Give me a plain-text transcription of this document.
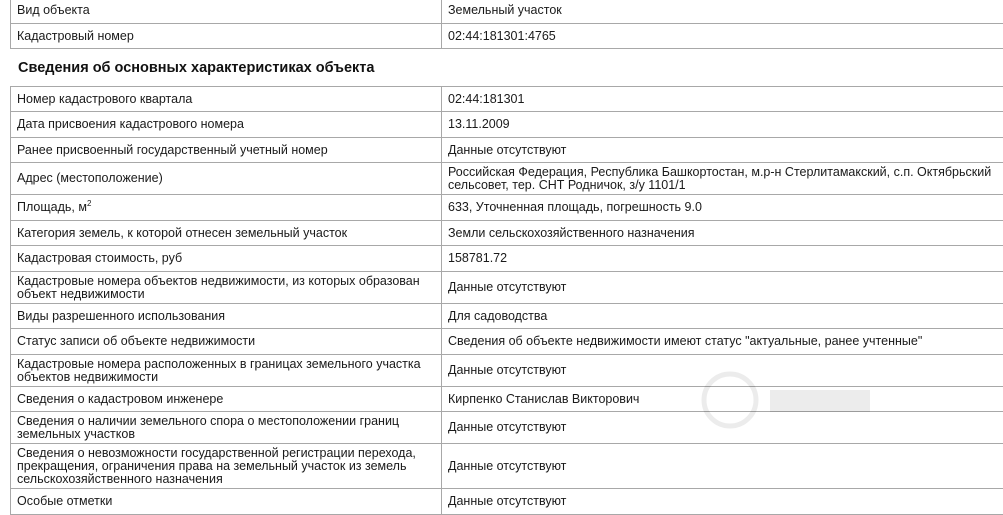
Вид объекта	Земельный участок
Кадастровый номер	02:44:181301:4765
Сведения об основных характеристиках объекта
Номер кадастрового квартала	02:44:181301
Дата присвоения кадастрового номера	13.11.2009
Ранее присвоенный государственный учетный номер	Данные отсутствуют
Адрес (местоположение)	Российская Федерация, Республика Башкортостан, м.р-н Стерлитамакский, с.п. Октябрьский сельсовет, тер. СНТ Родничок, з/у 1101/1
Площадь, $м^2$	633, Уточненная площадь, погрешность 9.0
Категория земель, к которой отнесен земельный участок	Земли сельскохозяйственного назначения
Кадастровая стоимость, руб	158781.72
Кадастровые номера объектов недвижимости, из которых образован объект недвижимости	Данные отсутствуют
Виды разрешенного использования	Для садоводства
Статус записи об объекте недвижимости	Сведения об объекте недвижимости имеют статус "актуальные, ранее учтенные"
Кадастровые номера расположенных в границах земельного участка объектов недвижимости	Данные отсутствуют
Сведения о кадастровом инженере	Кирпенко Станислав Викторович
Сведения о наличии земельного спора о местоположении границ земельных участков	Данные отсутствуют
Сведения о невозможности государственной регистрации перехода, прекращения, ограничения права на земельный участок из земель сельскохозяйственного назначения	Данные отсутствуют
Особые отметки	Данные отсутствуют
